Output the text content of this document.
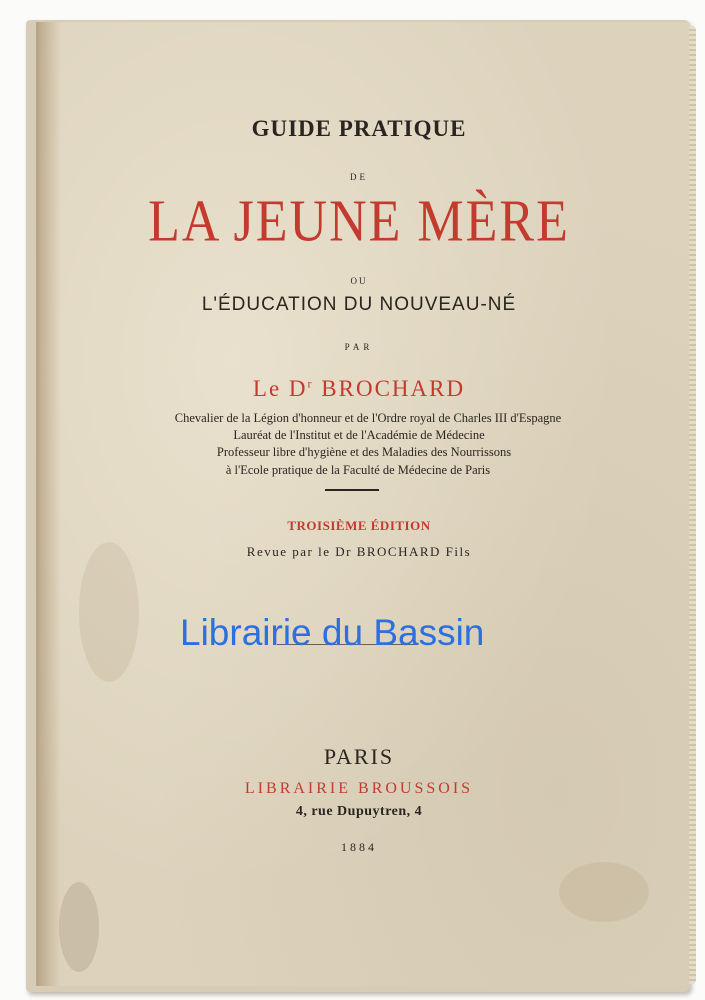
GUIDE PRATIQUE
DE
LA JEUNE MÈRE
OU
L'ÉDUCATION DU NOUVEAU-NÉ
PAR
Le $D^r$ BROCHARD
Chevalier de la Légion d'honneur et de l'Ordre royal de Charles III d'Espagne
Lauréat de l'Institut et de l'Académie de Médecine
Professeur libre d'hygiène et des Maladies des Nourrissons
à l'Ecole pratique de la Faculté de Médecine de Paris
TROISIÈME ÉDITION
Revue par le Dr BROCHARD Fils
PARIS
LIBRAIRIE BROUSSOIS
4, rue Dupuytren, 4
1884
Librairie du Bassin
